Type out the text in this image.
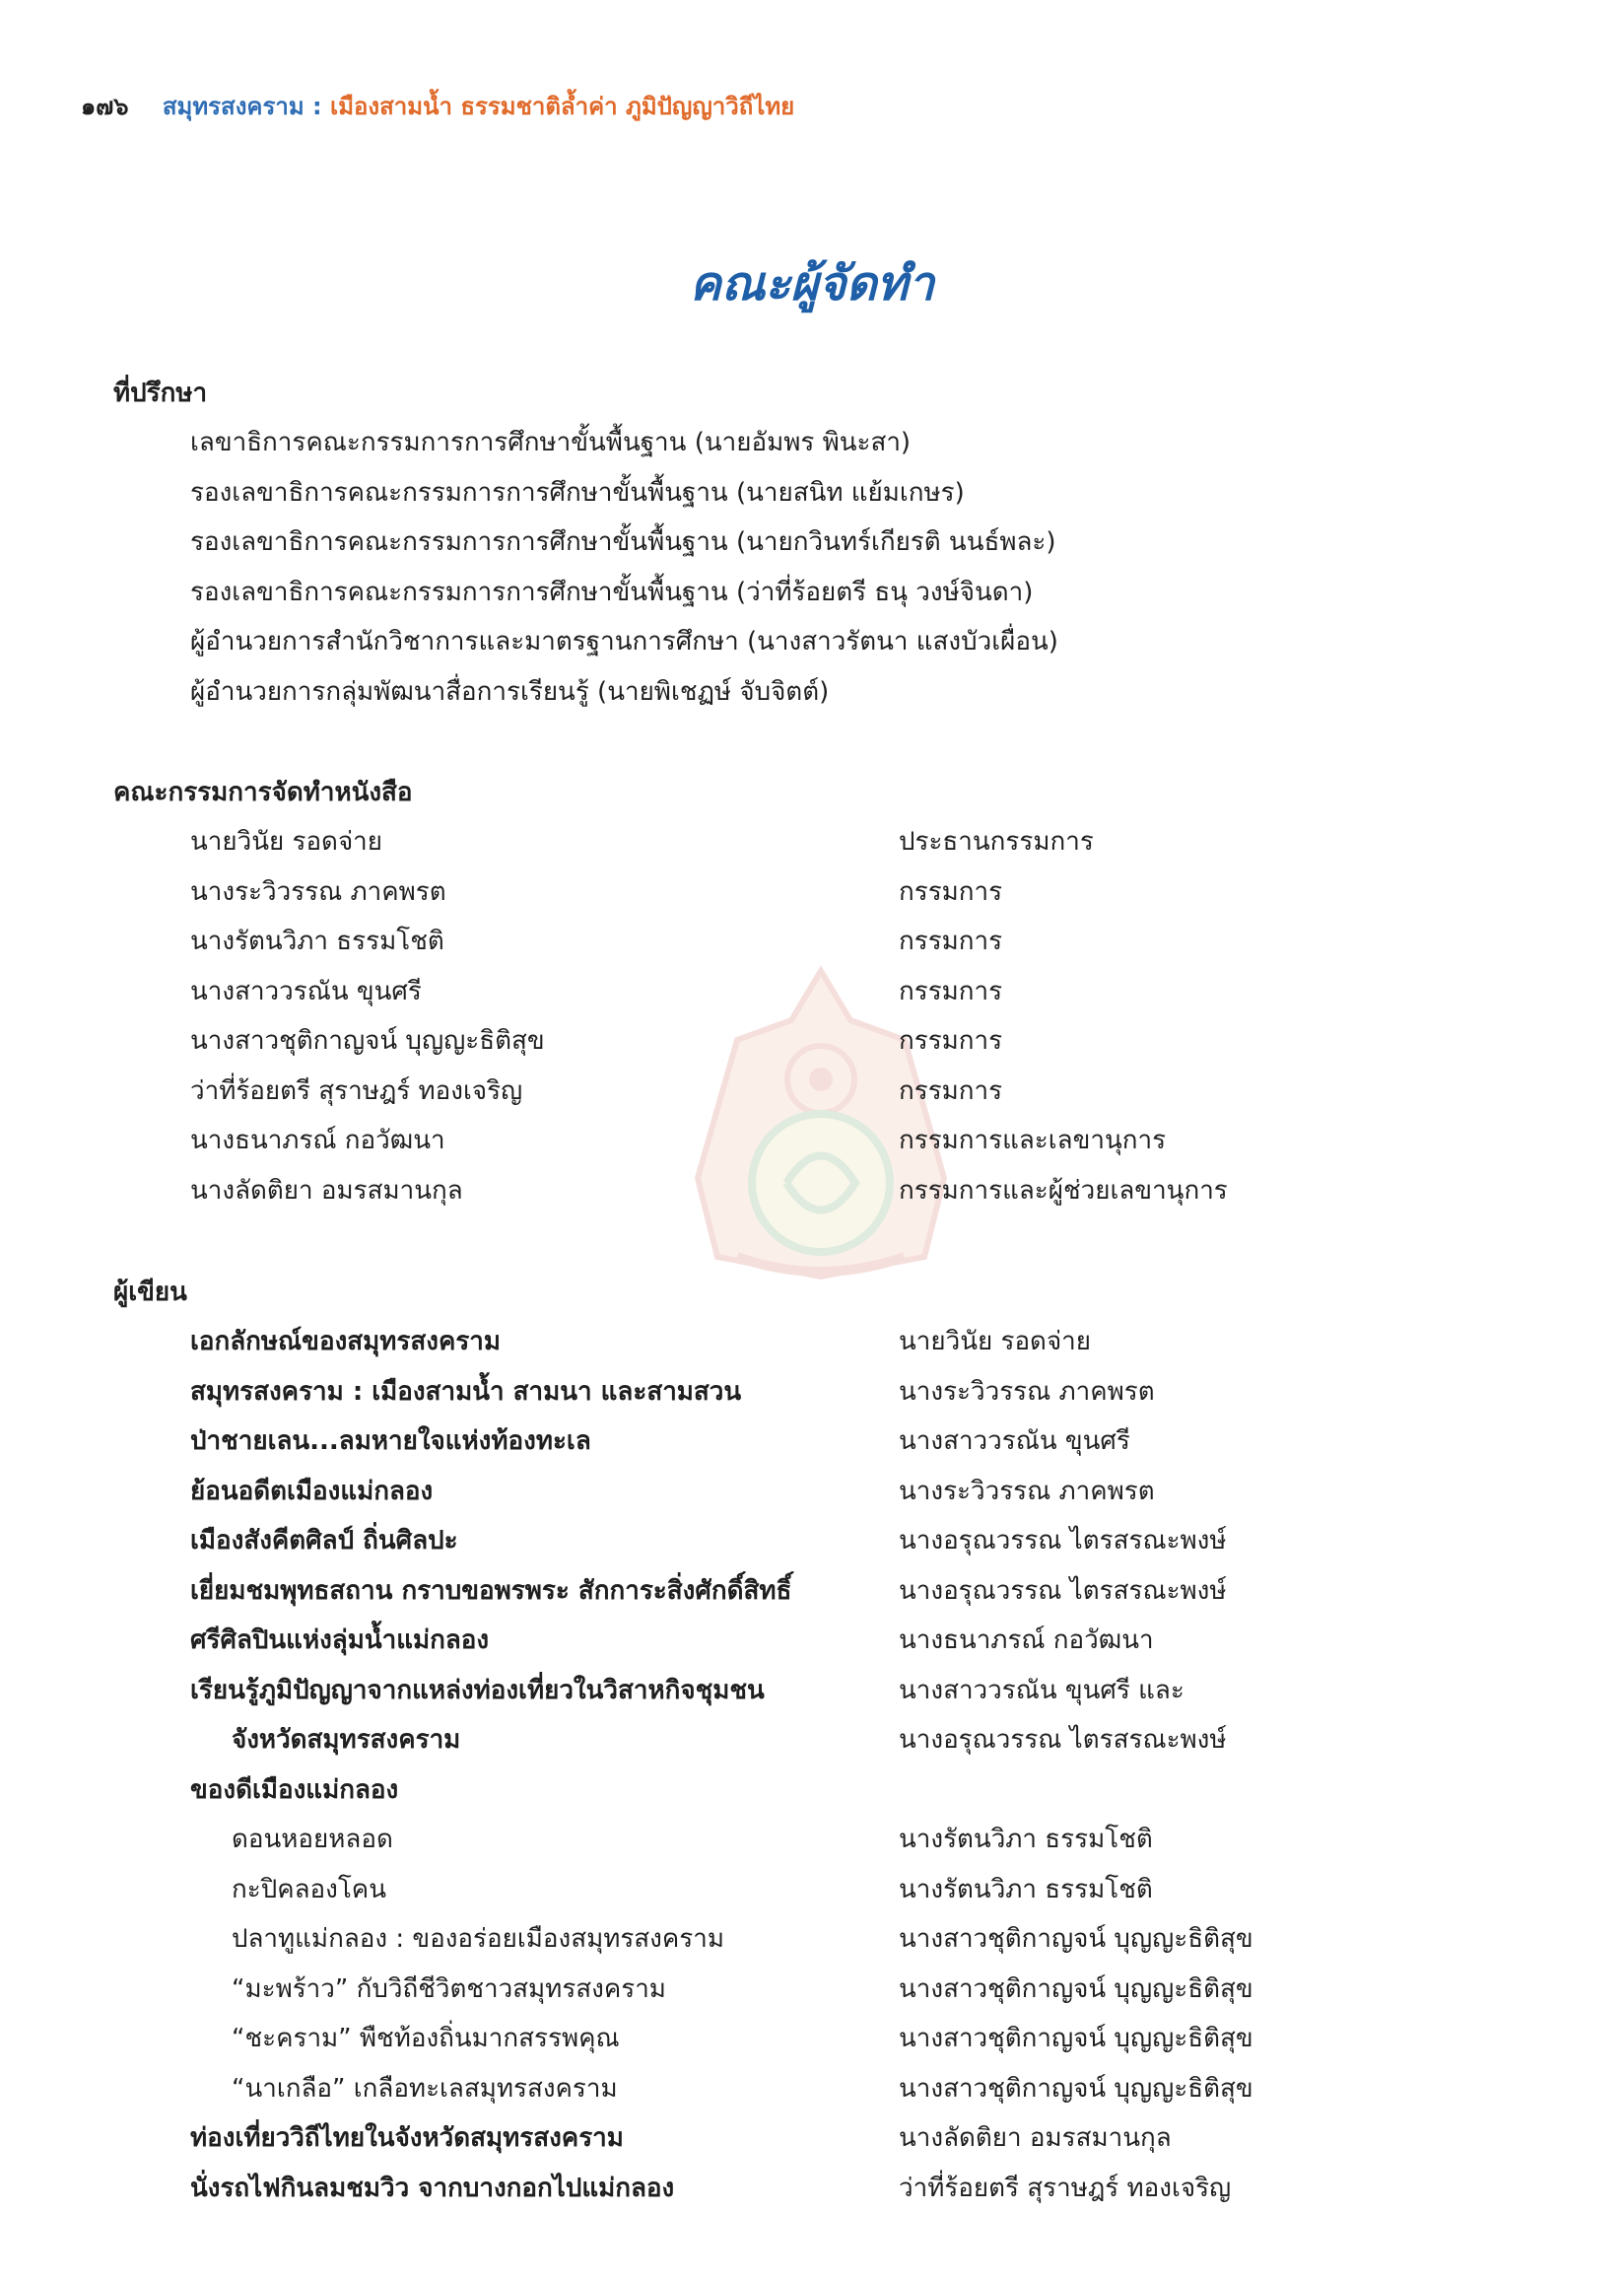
๑๗๖ สมุทรสงคราม : เมืองสามน้ำ ธรรมชาติล้ำค่า ภูมิปัญญาวิถีไทย
คณะผู้จัดทำ
ที่ปรึกษา
เลขาธิการคณะกรรมการการศึกษาขั้นพื้นฐาน (นายอัมพร พินะสา)
รองเลขาธิการคณะกรรมการการศึกษาขั้นพื้นฐาน (นายสนิท แย้มเกษร)
รองเลขาธิการคณะกรรมการการศึกษาขั้นพื้นฐาน (นายกวินทร์เกียรติ นนธ์พละ)
รองเลขาธิการคณะกรรมการการศึกษาขั้นพื้นฐาน (ว่าที่ร้อยตรี ธนุ วงษ์จินดา)
ผู้อำนวยการสำนักวิชาการและมาตรฐานการศึกษา (นางสาวรัตนา แสงบัวเผื่อน)
ผู้อำนวยการกลุ่มพัฒนาสื่อการเรียนรู้ (นายพิเชฏษ์ จับจิตต์)
คณะกรรมการจัดทำหนังสือ
นายวินัย รอดจ่าย	ประธานกรรมการ
นางระวิวรรณ ภาคพรต	กรรมการ
นางรัตนวิภา ธรรมโชติ	กรรมการ
นางสาววรณัน ขุนศรี	กรรมการ
นางสาวชุติกาญจน์ บุญญะธิติสุข	กรรมการ
ว่าที่ร้อยตรี สุราษฎร์ ทองเจริญ	กรรมการ
นางธนาภรณ์ กอวัฒนา	กรรมการและเลขานุการ
นางลัดติยา อมรสมานกุล	กรรมการและผู้ช่วยเลขานุการ
ผู้เขียน
เอกลักษณ์ของสมุทรสงคราม	นายวินัย รอดจ่าย
สมุทรสงคราม : เมืองสามน้ำ สามนา และสามสวน	นางระวิวรรณ ภาคพรต
ป่าชายเลน...ลมหายใจแห่งท้องทะเล	นางสาววรณัน ขุนศรี
ย้อนอดีตเมืองแม่กลอง	นางระวิวรรณ ภาคพรต
เมืองสังคีตศิลป์ ถิ่นศิลปะ	นางอรุณวรรณ ไตรสรณะพงษ์
เยี่ยมชมพุทธสถาน กราบขอพรพระ สักการะสิ่งศักดิ์สิทธิ์	นางอรุณวรรณ ไตรสรณะพงษ์
ศรีศิลปินแห่งลุ่มน้ำแม่กลอง	นางธนาภรณ์ กอวัฒนา
เรียนรู้ภูมิปัญญาจากแหล่งท่องเที่ยวในวิสาหกิจชุมชน	นางสาววรณัน ขุนศรี และ
จังหวัดสมุทรสงคราม	นางอรุณวรรณ ไตรสรณะพงษ์
ของดีเมืองแม่กลอง
ดอนหอยหลอด	นางรัตนวิภา ธรรมโชติ
กะปิคลองโคน	นางรัตนวิภา ธรรมโชติ
ปลาทูแม่กลอง : ของอร่อยเมืองสมุทรสงคราม	นางสาวชุติกาญจน์ บุญญะธิติสุข
“มะพร้าว” กับวิถีชีวิตชาวสมุทรสงคราม	นางสาวชุติกาญจน์ บุญญะธิติสุข
“ชะคราม” พืชท้องถิ่นมากสรรพคุณ	นางสาวชุติกาญจน์ บุญญะธิติสุข
“นาเกลือ” เกลือทะเลสมุทรสงคราม	นางสาวชุติกาญจน์ บุญญะธิติสุข
ท่องเที่ยววิถีไทยในจังหวัดสมุทรสงคราม	นางลัดติยา อมรสมานกุล
นั่งรถไฟกินลมชมวิว จากบางกอกไปแม่กลอง	ว่าที่ร้อยตรี สุราษฎร์ ทองเจริญ
